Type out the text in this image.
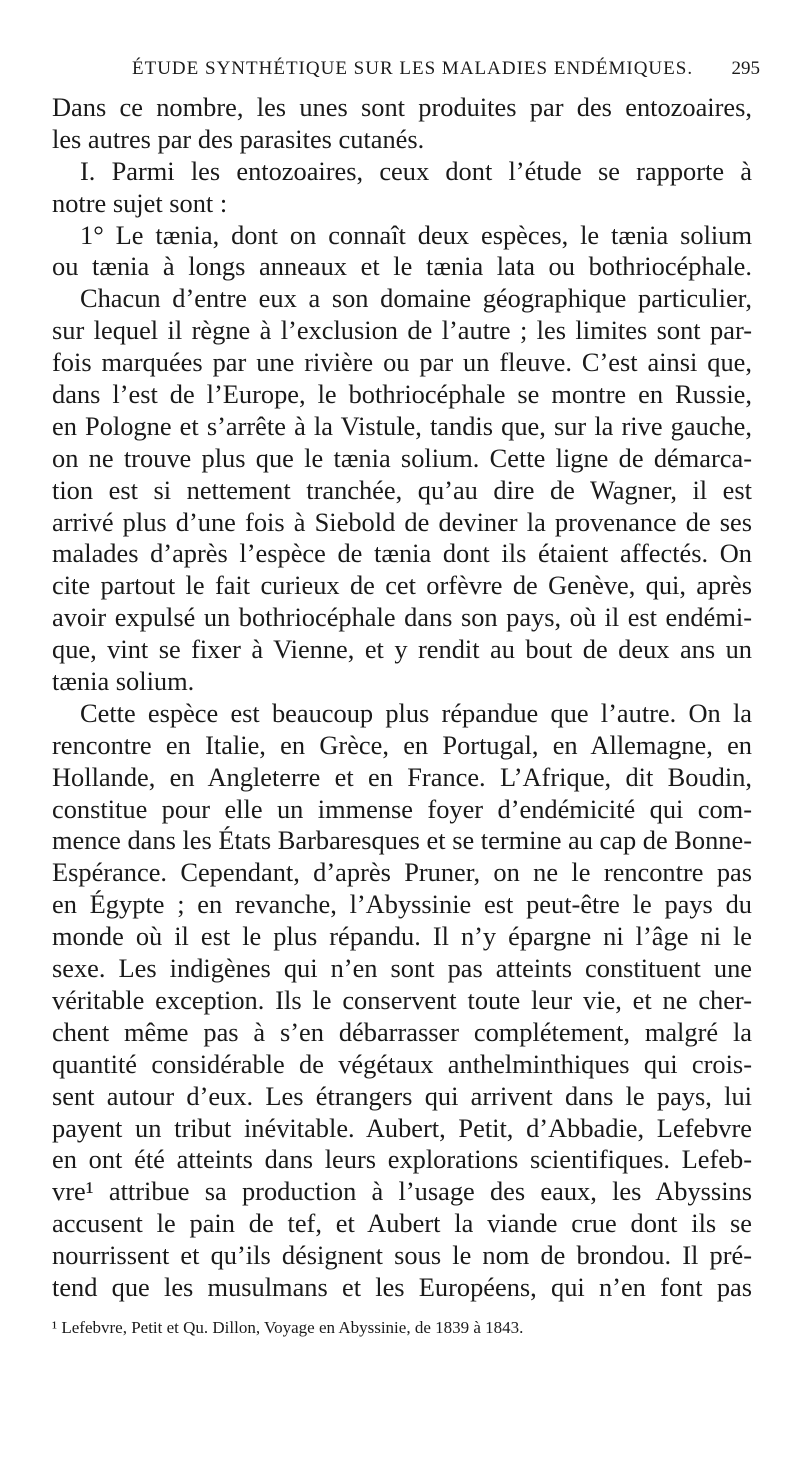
ÉTUDE SYNTHÉTIQUE SUR LES MALADIES ENDÉMIQUES. 295
Dans ce nombre, les unes sont produites par des entozoaires,
les autres par des parasites cutanés.
I. Parmi les entozoaires, ceux dont l’étude se rapporte à
notre sujet sont :
1° Le tænia, dont on connaît deux espèces, le tænia solium
ou tænia à longs anneaux et le tænia lata ou bothriocéphale.
Chacun d’entre eux a son domaine géographique particulier,
sur lequel il règne à l’exclusion de l’autre ; les limites sont par-
fois marquées par une rivière ou par un fleuve. C’est ainsi que,
dans l’est de l’Europe, le bothriocéphale se montre en Russie,
en Pologne et s’arrête à la Vistule, tandis que, sur la rive gauche,
on ne trouve plus que le tænia solium. Cette ligne de démarca-
tion est si nettement tranchée, qu’au dire de Wagner, il est
arrivé plus d’une fois à Siebold de deviner la provenance de ses
malades d’après l’espèce de tænia dont ils étaient affectés. On
cite partout le fait curieux de cet orfèvre de Genève, qui, après
avoir expulsé un bothriocéphale dans son pays, où il est endémi-
que, vint se fixer à Vienne, et y rendit au bout de deux ans un
tænia solium.
Cette espèce est beaucoup plus répandue que l’autre. On la
rencontre en Italie, en Grèce, en Portugal, en Allemagne, en
Hollande, en Angleterre et en France. L’Afrique, dit Boudin,
constitue pour elle un immense foyer d’endémicité qui com-
mence dans les États Barbaresques et se termine au cap de Bonne-
Espérance. Cependant, d’après Pruner, on ne le rencontre pas
en Égypte ; en revanche, l’Abyssinie est peut-être le pays du
monde où il est le plus répandu. Il n’y épargne ni l’âge ni le
sexe. Les indigènes qui n’en sont pas atteints constituent une
véritable exception. Ils le conservent toute leur vie, et ne cher-
chent même pas à s’en débarrasser complétement, malgré la
quantité considérable de végétaux anthelminthiques qui crois-
sent autour d’eux. Les étrangers qui arrivent dans le pays, lui
payent un tribut inévitable. Aubert, Petit, d’Abbadie, Lefebvre
en ont été atteints dans leurs explorations scientifiques. Lefeb-
vre¹ attribue sa production à l’usage des eaux, les Abyssins
accusent le pain de tef, et Aubert la viande crue dont ils se
nourrissent et qu’ils désignent sous le nom de brondou. Il pré-
tend que les musulmans et les Européens, qui n’en font pas
¹ Lefebvre, Petit et Qu. Dillon, Voyage en Abyssinie, de 1839 à 1843.
